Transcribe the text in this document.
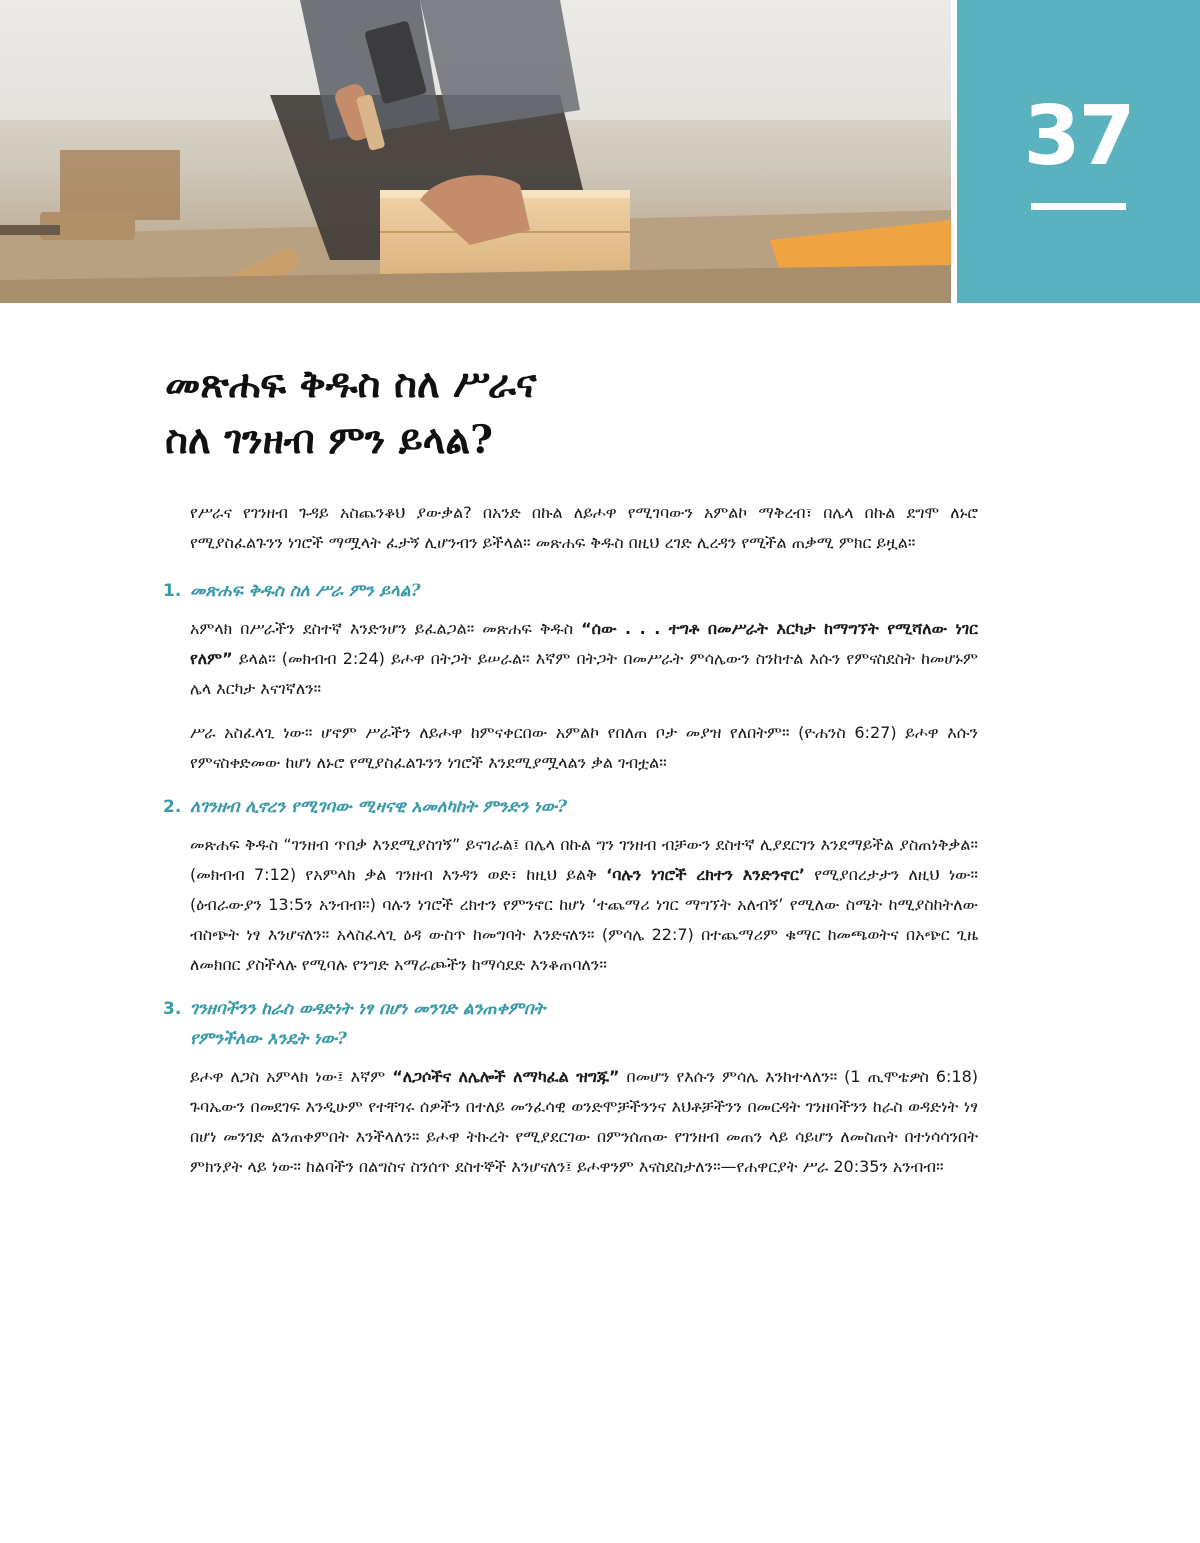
37
መጽሐፍ ቅዱስ ስለ ሥራና
ስለ ገንዘብ ምን ይላል?

የሥራና የገንዘብ ጉዳይ አስጨንቆህ ያውቃል? በአንድ በኩል ለይሖዋ የሚገባውን አምልኮ ማቅረብ፣ በሌላ በኩል ደግሞ ለኑሮ የሚያስፈልጉንን ነገሮች ማሟላት ፈታኝ ሊሆንብን ይችላል። መጽሐፍ ቅዱስ በዚህ ረገድ ሊረዳን የሚችል ጠቃሚ ምክር ይዟል።

1. መጽሐፍ ቅዱስ ስለ ሥራ ምን ይላል?

አምላክ በሥራችን ደስተኛ እንድንሆን ይፈልጋል። መጽሐፍ ቅዱስ “ሰው . . . ተግቶ በመሥራት እርካታ ከማግኘት የሚሻለው ነገር የለም” ይላል። (መክብብ 2:24) ይሖዋ በትጋት ይሠራል። እኛም በትጋት በመሥራት ምሳሌውን ስንከተል እሱን የምናስደስት ከመሆኑም ሌላ እርካታ እናገኛለን።

ሥራ አስፈላጊ ነው። ሆኖም ሥራችን ለይሖዋ ከምናቀርበው አምልኮ የበለጠ ቦታ መያዝ የለበትም። (ዮሐንስ 6:27) ይሖዋ እሱን የምናስቀድመው ከሆነ ለኑሮ የሚያስፈልጉንን ነገሮች እንደሚያሟላልን ቃል ገብቷል።

2. ለገንዘብ ሊኖረን የሚገባው ሚዛናዊ አመለካከት ምንድን ነው?

መጽሐፍ ቅዱስ “ገንዘብ ጥበቃ እንደሚያስገኝ” ይናገራል፤ በሌላ በኩል ግን ገንዘብ ብቻውን ደስተኛ ሊያደርገን እንደማይችል ያስጠነቅቃል። (መክብብ 7:12) የአምላክ ቃል ገንዘብ እንዳን ወድ፣ ከዚህ ይልቅ ‘ባሉን ነገሮች ረክተን እንድንኖር’ የሚያበረታታን ለዚህ ነው። (ዕብራውያን 13:5ን አንብብ።) ባሉን ነገሮች ረክተን የምንኖር ከሆነ ‘ተጨማሪ ነገር ማግኘት አለብኝ’ የሚለው ስሜት ከሚያስከትለው ብስጭት ነፃ እንሆናለን። አላስፈላጊ ዕዳ ውስጥ ከመግባት እንድናለን። (ምሳሌ 22:7) በተጨማሪም ቁማር ከመጫወትና በአጭር ጊዜ ለመክበር ያስችላሉ የሚባሉ የንግድ አማራጮችን ከማሳደድ እንቆጠባለን።

3. ገንዘባችንን ከራስ ወዳድነት ነፃ በሆነ መንገድ ልንጠቀምበት
የምንችለው እንዴት ነው?

ይሖዋ ለጋስ አምላክ ነው፤ እኛም “ለጋሶችና ለሌሎች ለማካፈል ዝግጁ” በመሆን የእሱን ምሳሌ እንከተላለን። (1 ጢሞቴዎስ 6:18) ጉባኤውን በመደገፍ እንዲሁም የተቸገሩ ሰዎችን በተለይ መንፈሳዊ ወንድሞቻችንንና እህቶቻችንን በመርዳት ገንዘባችንን ከራስ ወዳድነት ነፃ በሆነ መንገድ ልንጠቀምበት እንችላለን። ይሖዋ ትኩረት የሚያደርገው በምንሰጠው የገንዘብ መጠን ላይ ሳይሆን ለመስጠት በተነሳሳንበት ምክንያት ላይ ነው። ከልባችን በልግስና ስንሰጥ ደስተኞች እንሆናለን፤ ይሖዋንም እናስደስታለን።—የሐዋርያት ሥራ 20:35ን አንብብ።
